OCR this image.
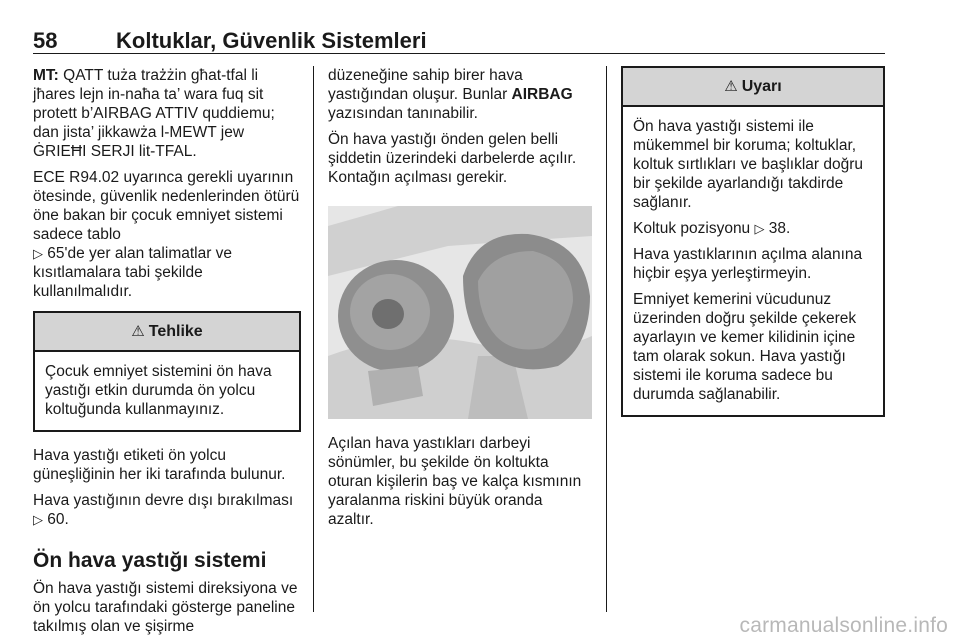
58	Koltuklar, Güvenlik Sistemleri

MT: QATT tuża traż̇żin għat-tfal li jħares lejn in-naħa ta’ wara fuq sit protett b’AIRBAG ATTIV quddiemu; dan jista’ jikkawża l-MEWT jew ĠRIEĦI SERJI lit-TFAL.

ECE R94.02 uyarınca gerekli uyarının ötesinde, güvenlik nedenlerinden ötürü öne bakan bir çocuk emniyet sistemi sadece tablo
▷ 65'de yer alan talimatlar ve kısıtlamalara tabi şekilde kullanılmalıdır.

⚠ Tehlike

Çocuk emniyet sistemini ön hava yastığı etkin durumda ön yolcu koltuğunda kullanmayınız.

Hava yastığı etiketi ön yolcu güneşliğinin her iki tarafında bulunur.

Hava yastığının devre dışı bırakılması ▷ 60.

Ön hava yastığı sistemi

Ön hava yastığı sistemi direksiyona ve ön yolcu tarafındaki gösterge paneline takılmış olan ve şişirme

düzeneğine sahip birer hava yastığından oluşur. Bunlar AIRBAG yazısından tanınabilir.

Ön hava yastığı önden gelen belli şiddetin üzerindeki darbelerde açılır. Kontağın açılması gerekir.

Açılan hava yastıkları darbeyi sönümler, bu şekilde ön koltukta oturan kişilerin baş ve kalça kısmının yaralanma riskini büyük oranda azaltır.

⚠ Uyarı

Ön hava yastığı sistemi ile mükemmel bir koruma; koltuklar, koltuk sırtlıkları ve başlıklar doğru bir şekilde ayarlandığı takdirde sağlanır.

Koltuk pozisyonu ▷ 38.

Hava yastıklarının açılma alanına hiçbir eşya yerleştirmeyin.

Emniyet kemerini vücudunuz üzerinden doğru şekilde çekerek ayarlayın ve kemer kilidinin içine tam olarak sokun. Hava yastığı sistemi ile koruma sadece bu durumda sağlanabilir.

carmanualsonline.info
